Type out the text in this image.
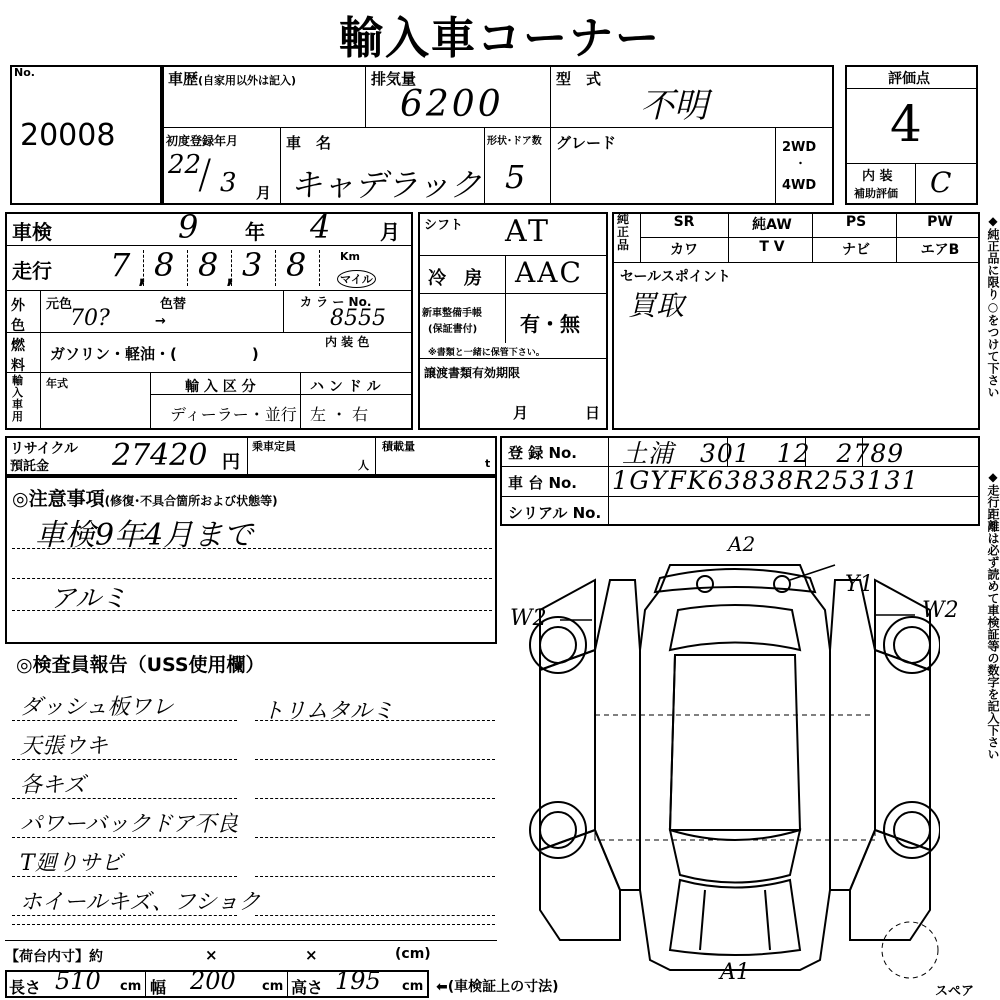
輸入車コーナー
No.
20008
車歴(自家用以外は記入)	排気量
6200
型　式
不明
初度登録年月
22
/ 3 月
車　名
キャデラック
形状･ドア数
5
グレード	2WD
・
4WD
評価点
4
内 装
補助評価 C
車検	9 年 4 月
走行 7 , 8 8 , 3 8	Km
マイル
外色
元色
70?
色替
→
カ ラ ー No.
8555
燃料
ガソリン・軽油・(　　　　　)
内 装 色
輸入車用
年式	輸 入 区 分
ディーラー・並行
ハ ン ド ル
左 ・ 右
シフト AT
冷　房 AAC
新車整備手帳
(保証書付) 有・無
※書類と一緒に保管下さい。
譲渡書類有効期限
月	日
純正品
SR	純AW	PS	PW
カワ	T V	ナビ	エアB
セールスポイント
買取
リサイクル
預託金 27420 円
乗車定員
人
積載量
t
登 録 No. 土浦　301　12　2789
車 台 No. 1GYFK63838R253131
シリアル No.
◎注意事項(修復･不具合箇所および状態等)
車検9年4月まで
アルミ
◎検査員報告（USS使用欄）
ダッシュ板ワレ
天張ウキ
各キズ
パワーバックドア不良
T廻りサビ
ホイールキズ、フショク
トリムタルミ
【荷台内寸】約	×	×	(cm)
長さ 510 cm 幅 200 cm 高さ 195 cm ⬅(車検証上の寸法)
A2
Y1
W2	W2
A1
スペア
◆純正品に限り○をつけて下さい
◆走行距離は必ず読めて車検証等の数字を記入下さい
